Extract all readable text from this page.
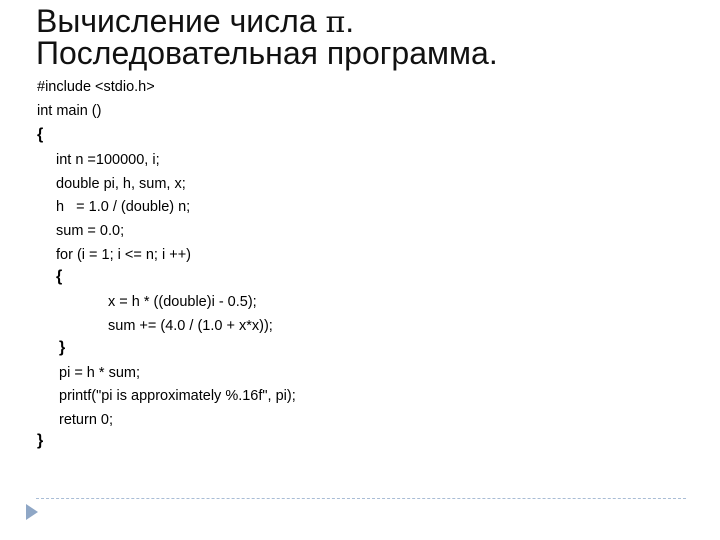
Вычисление числа π.
Последовательная программа.
#include <stdio.h>
int main ()
{
int n =100000, i;
double pi, h, sum, x;
h   = 1.0 / (double) n;
sum = 0.0;
for (i = 1; i <= n; i ++)
{
x = h * ((double)i - 0.5);
sum += (4.0 / (1.0 + x*x));
}
pi = h * sum;
printf("pi is approximately %.16f", pi);
return 0;
}
